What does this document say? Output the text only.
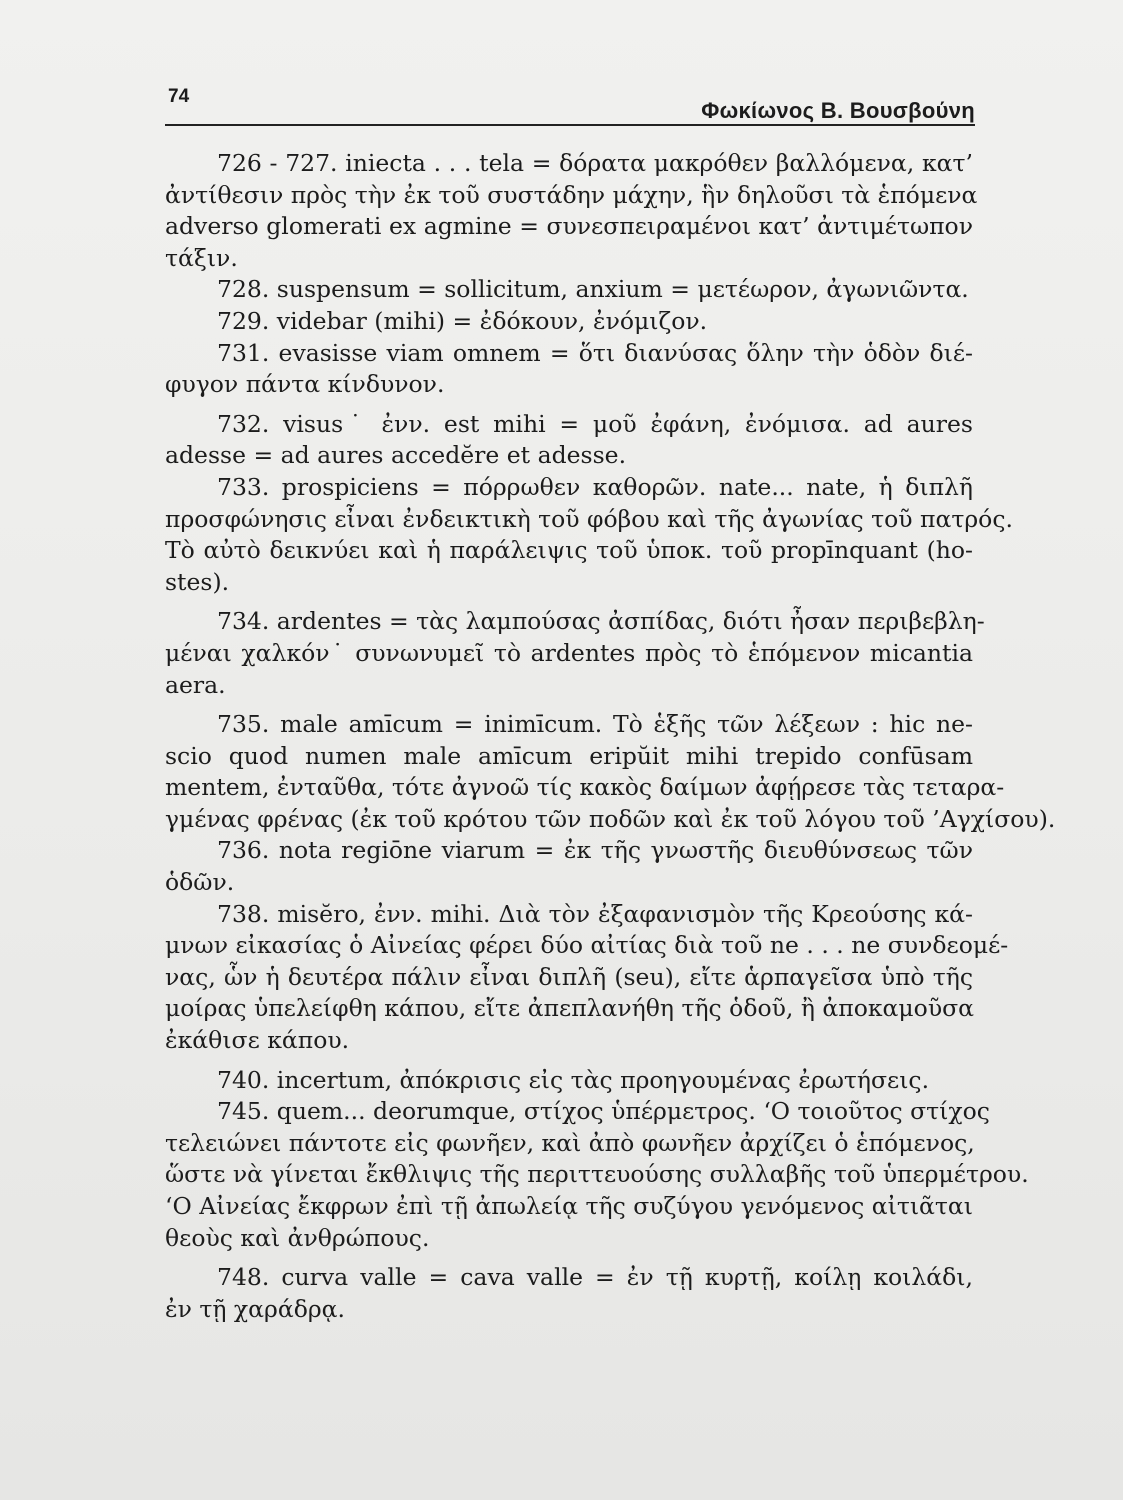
74
Φωκίωνος Β. Βουσβούνη
726 - 727. iniecta . . . tela = δόρατα μακρόθεν βαλλόμενα, κατ’
ἀντίθεσιν πρὸς τὴν ἐκ τοῦ συστάδην μάχην, ἣν δηλοῦσι τὰ ἑπόμενα
adverso glomerati ex agmine = συνεσπειραμένοι κατ’ ἀντιμέτωπον
τάξιν.
728. suspensum = sollicitum, anxium = μετέωρον, ἀγωνιῶντα.
729. videbar (mihi) = ἐδόκουν, ἐνόμιζον.
731. evasisse viam omnem = ὅτι διανύσας ὅλην τὴν ὁδὸν διέ-
φυγον πάντα κίνδυνον.
732. visus˙ ἐνν. est mihi = μοῦ ἐφάνη, ἐνόμισα. ad aures
adesse = ad aures accedĕre et adesse.
733. prospiciens = πόρρωθεν καθορῶν. nate... nate, ἡ διπλῆ
προσφώνησις εἶναι ἐνδεικτικὴ τοῦ φόβου καὶ τῆς ἀγωνίας τοῦ πατρός.
Τὸ αὐτὸ δεικνύει καὶ ἡ παράλειψις τοῦ ὑποκ. τοῦ propīnquant (ho-
stes).
734. ardentes = τὰς λαμπούσας ἀσπίδας, διότι ἦσαν περιβεβλη-
μέναι χαλκόν˙ συνωνυμεῖ τὸ ardentes πρὸς τὸ ἑπόμενον micantia
aera.
735. male amīcum = inimīcum. Τὸ ἑξῆς τῶν λέξεων : hic ne-
scio quod numen male amīcum eripŭit mihi trepido confūsam
mentem, ἐνταῦθα, τότε ἀγνοῶ τίς κακὸς δαίμων ἀφῄρεσε τὰς τεταρα-
γμένας φρένας (ἐκ τοῦ κρότου τῶν ποδῶν καὶ ἐκ τοῦ λόγου τοῦ ’Αγχίσου).
736. nota regiōne viarum = ἐκ τῆς γνωστῆς διευθύνσεως τῶν
ὁδῶν.
738. misĕro, ἐνν. mihi. Διὰ τὸν ἐξαφανισμὸν τῆς Κρεούσης κά-
μνων εἰκασίας ὁ Αἰνείας φέρει δύο αἰτίας διὰ τοῦ ne . . . ne συνδεομέ-
νας, ὧν ἡ δευτέρα πάλιν εἶναι διπλῆ (seu), εἴτε ἁρπαγεῖσα ὑπὸ τῆς
μοίρας ὑπελείφθη κάπου, εἴτε ἀπεπλανήθη τῆς ὁδοῦ, ἢ ἀποκαμοῦσα
ἐκάθισε κάπου.
740. incertum, ἀπόκρισις εἰς τὰς προηγουμένας ἐρωτήσεις.
745. quem... deorumque, στίχος ὑπέρμετρος. ‘Ο τοιοῦτος στίχος
τελειώνει πάντοτε εἰς φωνῆεν, καὶ ἀπὸ φωνῆεν ἀρχίζει ὁ ἑπόμενος,
ὥστε νὰ γίνεται ἔκθλιψις τῆς περιττευούσης συλλαβῆς τοῦ ὑπερμέτρου.
‘Ο Αἰνείας ἔκφρων ἐπὶ τῇ ἀπωλείᾳ τῆς συζύγου γενόμενος αἰτιᾶται
θεοὺς καὶ ἀνθρώπους.
748. curva valle = cava valle = ἐν τῇ κυρτῇ, κοίλῃ κοιλάδι,
ἐν τῇ χαράδρᾳ.
